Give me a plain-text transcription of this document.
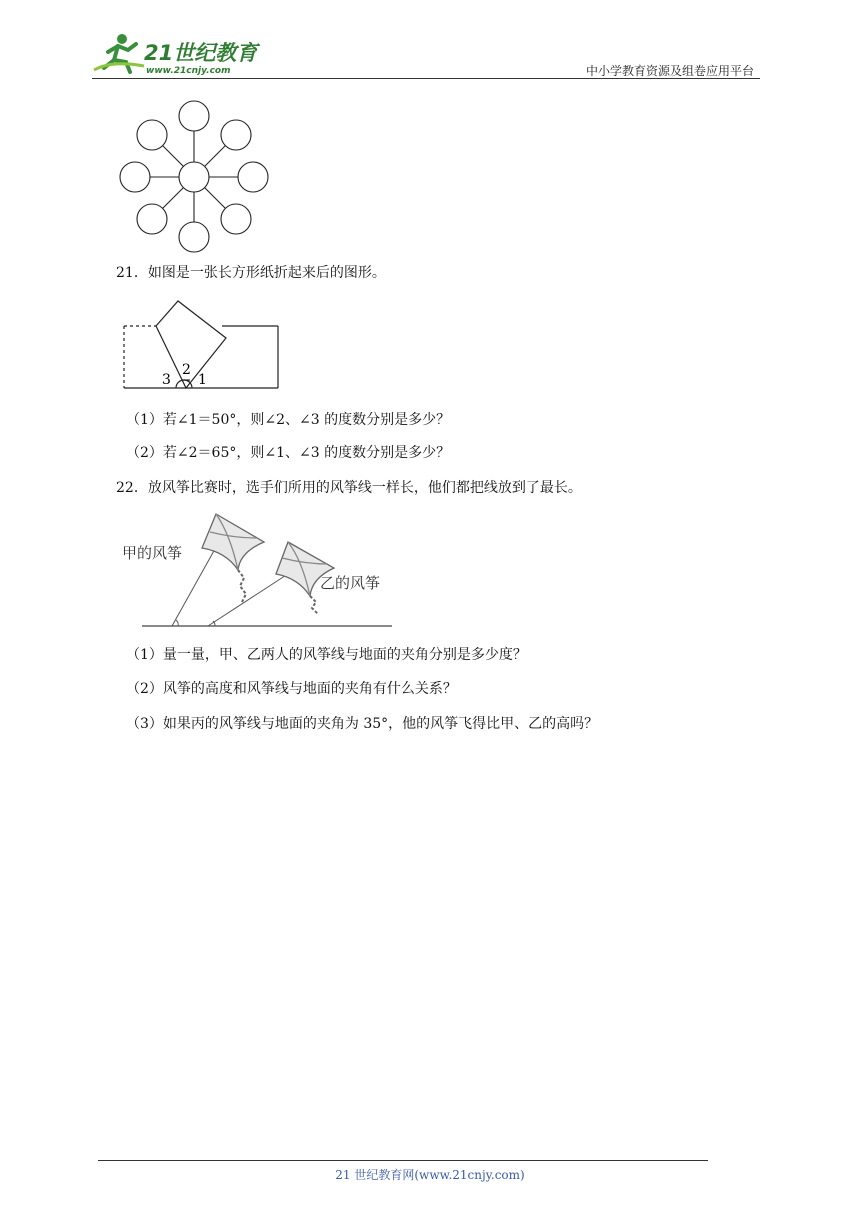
21世纪教育
www.21cnjy.com	中小学教育资源及组卷应用平台
21．如图是一张长方形纸折起来后的图形。
3
2
1
（1）若∠1＝50°，则∠2、∠3 的度数分别是多少？
（2）若∠2＝65°，则∠1、∠3 的度数分别是多少？
22．放风筝比赛时，选手们所用的风筝线一样长，他们都把线放到了最长。
甲的风筝
乙的风筝
（1）量一量，甲、乙两人的风筝线与地面的夹角分别是多少度？
（2）风筝的高度和风筝线与地面的夹角有什么关系？
（3）如果丙的风筝线与地面的夹角为 35°，他的风筝飞得比甲、乙的高吗？
21 世纪教育网(www.21cnjy.com)
